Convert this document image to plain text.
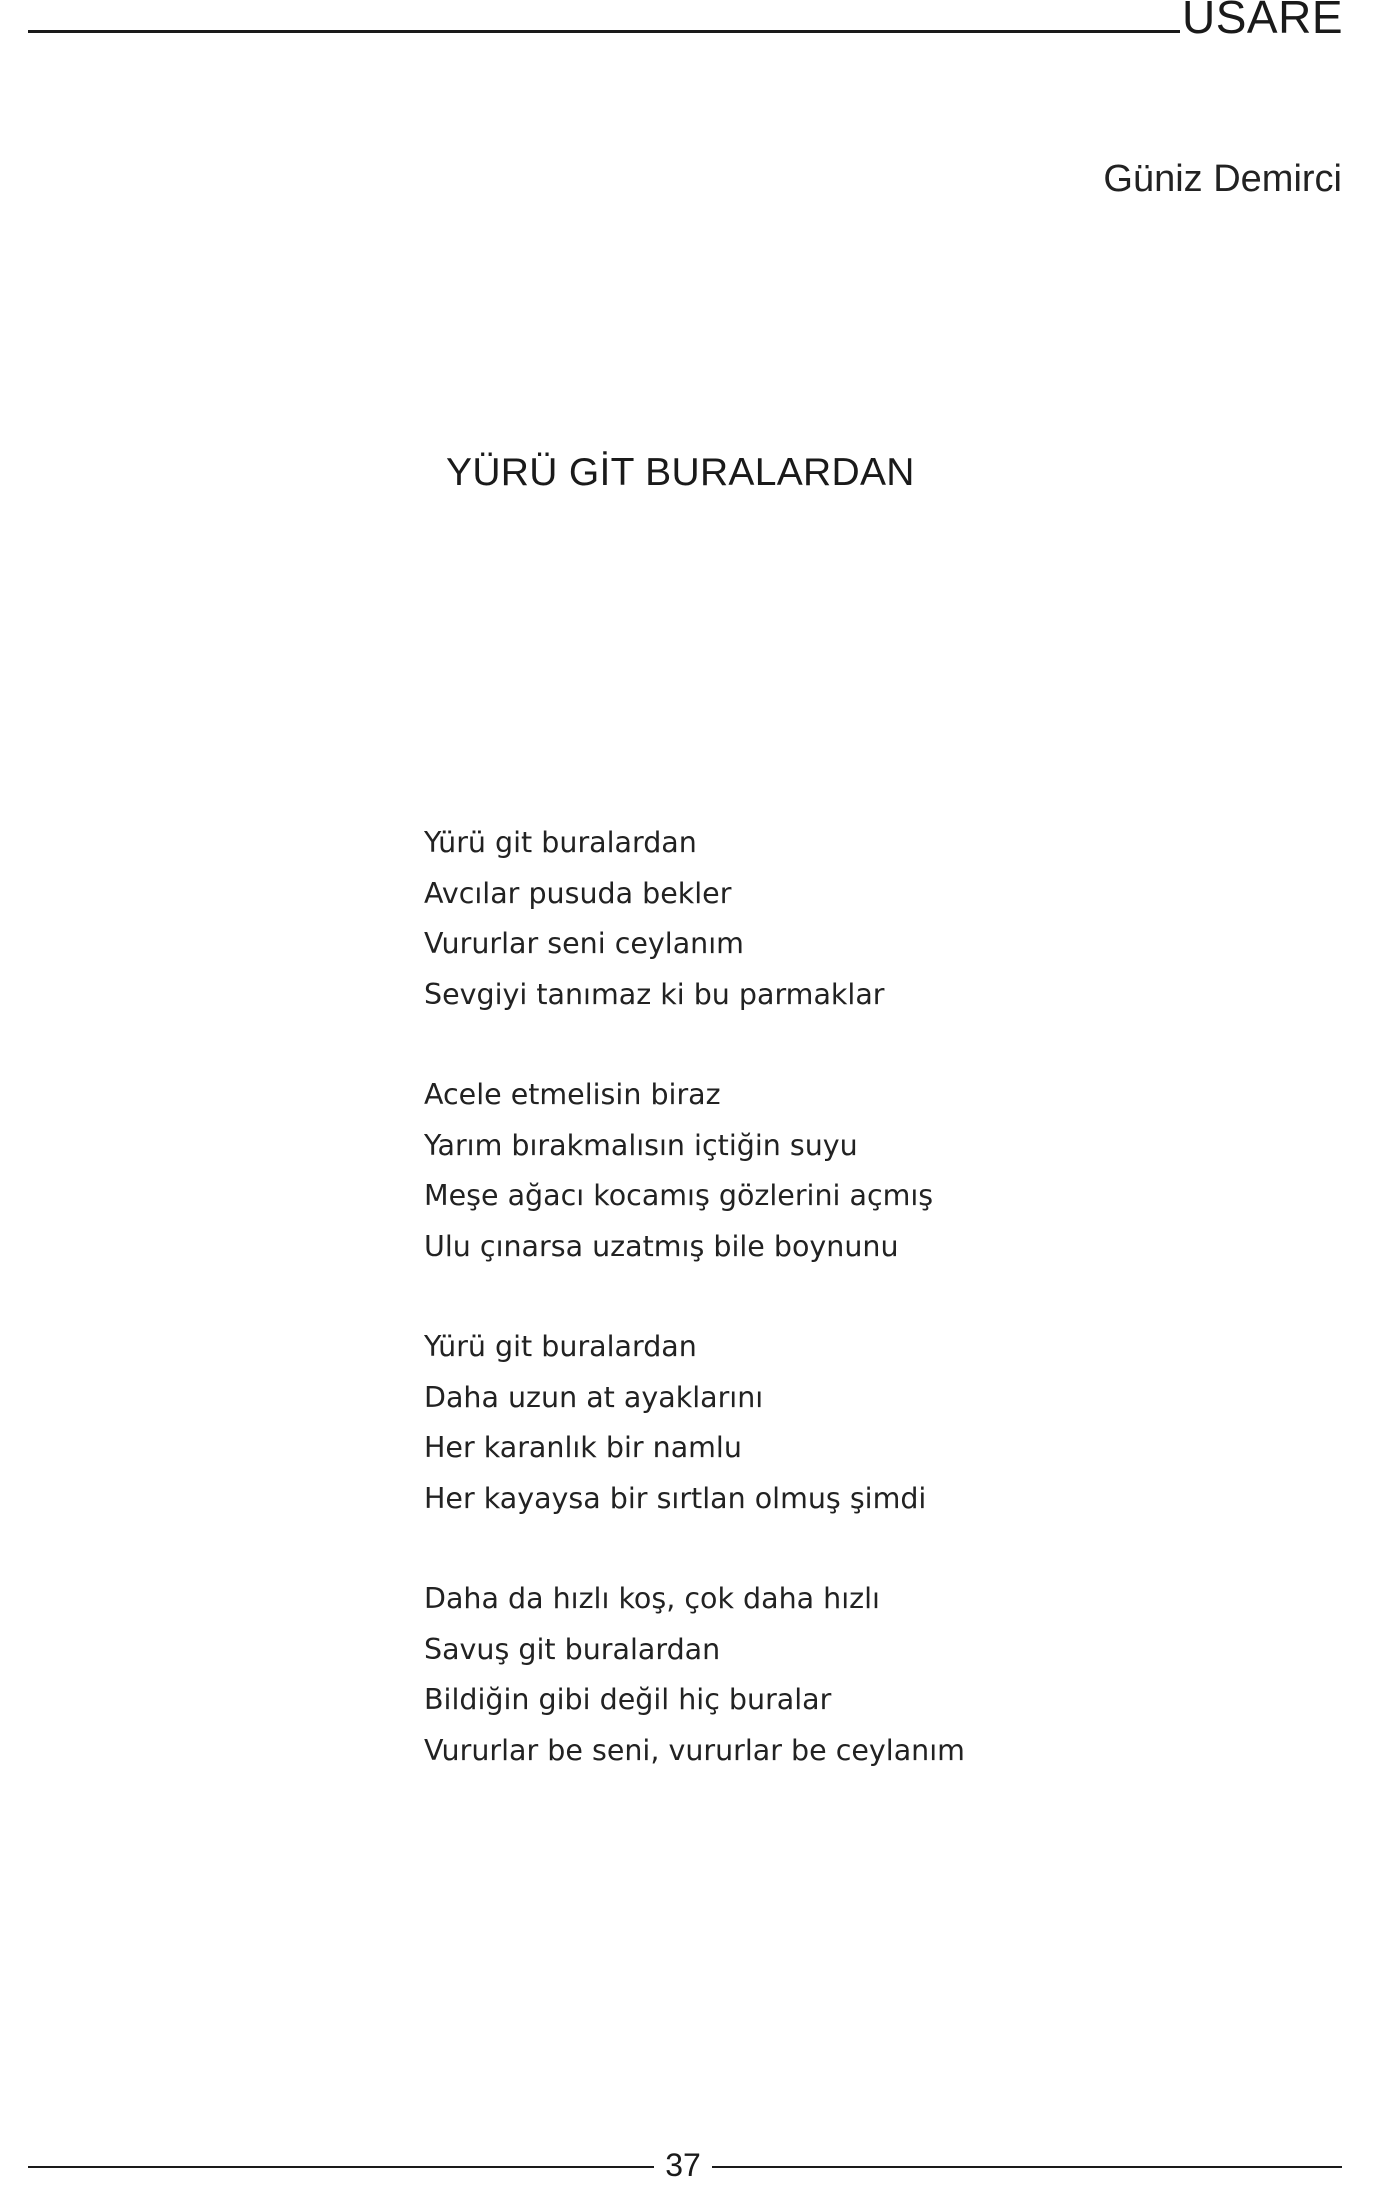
USARE
Güniz Demirci
YÜRÜ GİT BURALARDAN
Yürü git buralardan
Avcılar pusuda bekler
Vururlar seni ceylanım
Sevgiyi tanımaz ki bu parmaklar
Acele etmelisin biraz
Yarım bırakmalısın içtiğin suyu
Meşe ağacı kocamış gözlerini açmış
Ulu çınarsa uzatmış bile boynunu
Yürü git buralardan
Daha uzun at ayaklarını
Her karanlık bir namlu
Her kayaysa bir sırtlan olmuş şimdi
Daha da hızlı koş, çok daha hızlı
Savuş git buralardan
Bildiğin gibi değil hiç buralar
Vururlar be seni, vururlar be ceylanım
37
